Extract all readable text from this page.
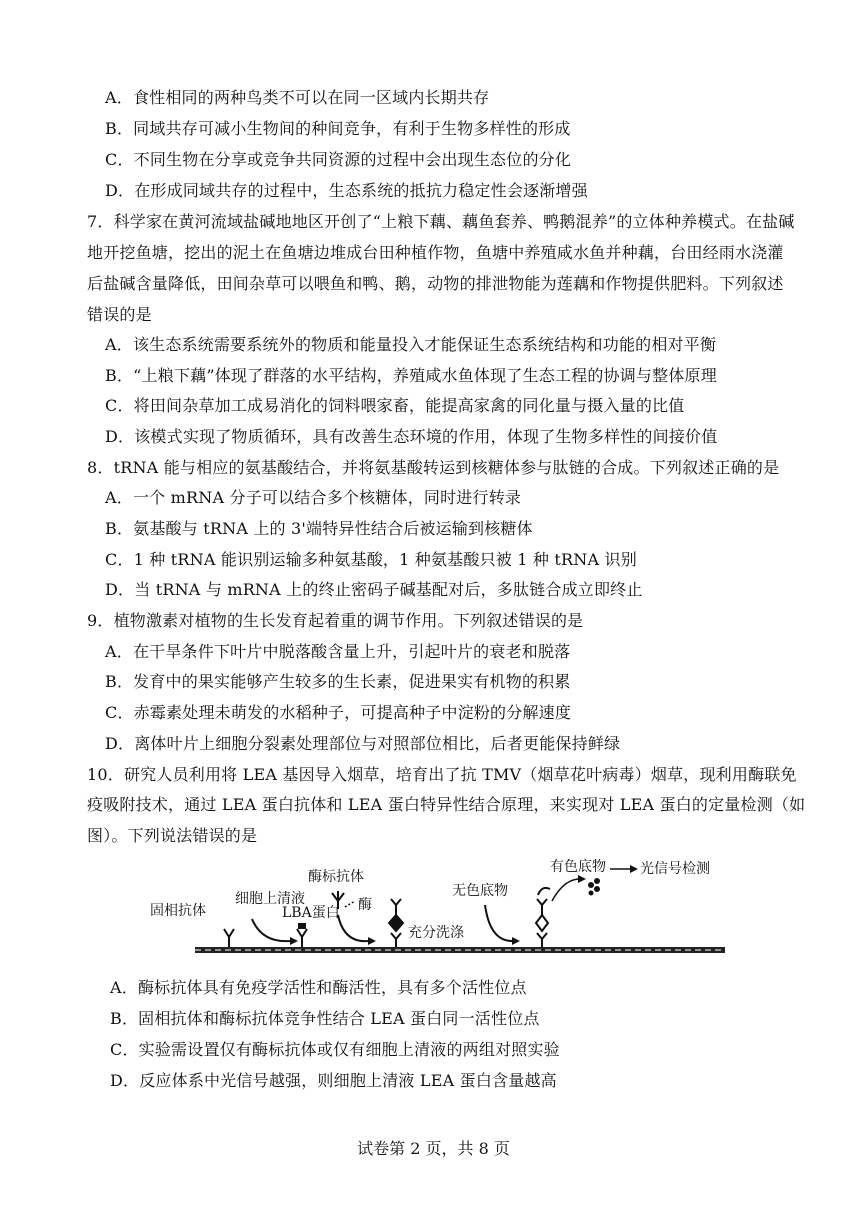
A．食性相同的两种鸟类不可以在同一区域内长期共存
B．同域共存可减小生物间的种间竞争，有利于生物多样性的形成
C．不同生物在分享或竞争共同资源的过程中会出现生态位的分化
D．在形成同域共存的过程中，生态系统的抵抗力稳定性会逐渐增强
7．科学家在黄河流域盐碱地地区开创了“上粮下藕、藕鱼套养、鸭鹅混养”的立体种养模式。在盐碱
地开挖鱼塘，挖出的泥土在鱼塘边堆成台田种植作物，鱼塘中养殖咸水鱼并种藕，台田经雨水浇灌
后盐碱含量降低，田间杂草可以喂鱼和鸭、鹅，动物的排泄物能为莲藕和作物提供肥料。下列叙述
错误的是
A．该生态系统需要系统外的物质和能量投入才能保证生态系统结构和功能的相对平衡
B．“上粮下藕”体现了群落的水平结构，养殖咸水鱼体现了生态工程的协调与整体原理
C．将田间杂草加工成易消化的饲料喂家畜，能提高家禽的同化量与摄入量的比值
D．该模式实现了物质循环，具有改善生态环境的作用，体现了生物多样性的间接价值
8．tRNA 能与相应的氨基酸结合，并将氨基酸转运到核糖体参与肽链的合成。下列叙述正确的是
A．一个 mRNA 分子可以结合多个核糖体，同时进行转录
B．氨基酸与 tRNA 上的 3'端特异性结合后被运输到核糖体
C．1 种 tRNA 能识别运输多种氨基酸，1 种氨基酸只被 1 种 tRNA 识别
D．当 tRNA 与 mRNA 上的终止密码子碱基配对后，多肽链合成立即终止
9．植物激素对植物的生长发育起着重的调节作用。下列叙述错误的是
A．在干旱条件下叶片中脱落酸含量上升，引起叶片的衰老和脱落
B．发育中的果实能够产生较多的生长素，促进果实有机物的积累
C．赤霉素处理未萌发的水稻种子，可提高种子中淀粉的分解速度
D．离体叶片上细胞分裂素处理部位与对照部位相比，后者更能保持鲜绿
10．研究人员利用将 LEA 基因导入烟草，培育出了抗 TMV（烟草花叶病毒）烟草，现利用酶联免
疫吸附技术，通过 LEA 蛋白抗体和 LEA 蛋白特异性结合原理，来实现对 LEA 蛋白的定量检测（如
图）。下列说法错误的是
固相抗体
细胞上清液
LBA蛋白
酶标抗体
酶
充分洗涤
无色底物
有色底物 光信号检测
A．酶标抗体具有免疫学活性和酶活性，具有多个活性位点
B．固相抗体和酶标抗体竞争性结合 LEA 蛋白同一活性位点
C．实验需设置仅有酶标抗体或仅有细胞上清液的两组对照实验
D．反应体系中光信号越强，则细胞上清液 LEA 蛋白含量越高
试卷第 2 页，共 8 页
